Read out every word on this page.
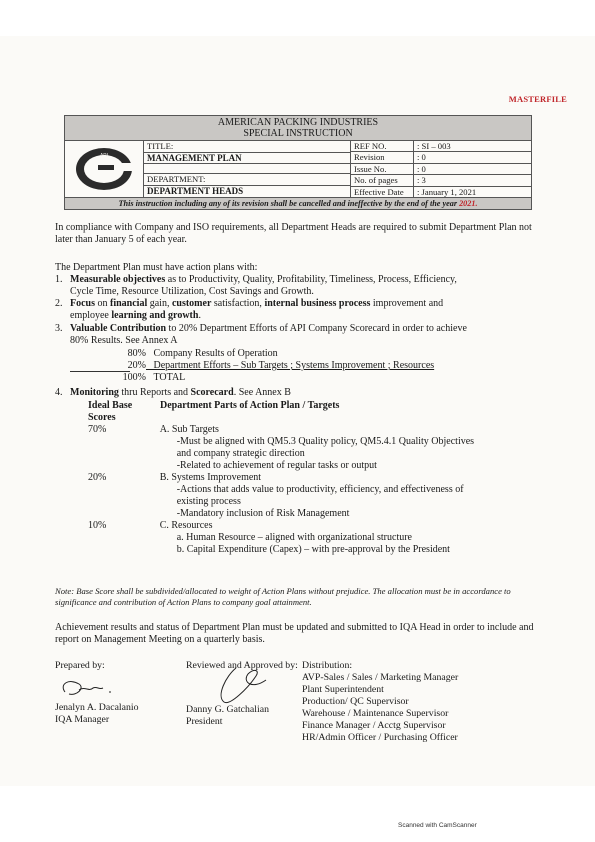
MASTERFILE
AMERICAN PACKING INDUSTRIES
SPECIAL INSTRUCTION
API
TITLE:
MANAGEMENT PLAN
DEPARTMENT:
DEPARTMENT HEADS
REF NO.	: SI – 003
Revision	: 0
Issue No.	: 0
No. of pages	: 3
Effective Date	: January 1, 2021
This instruction including any of its revision shall be cancelled and ineffective by the end of the year 2021.
In compliance with Company and ISO requirements, all Department Heads are required to submit Department Plan not later than January 5 of each year.
The Department Plan must have action plans with:
1. Measurable objectives as to Productivity, Quality, Profitability, Timeliness, Process, Efficiency,
Cycle Time, Resource Utilization, Cost Savings and Growth.
2. Focus on financial gain, customer satisfaction, internal business process improvement and
employee learning and growth.
3. Valuable Contribution to 20% Department Efforts of API Company Scorecard in order to achieve
80% Results. See Annex A
80% Company Results of Operation
20% Department Efforts – Sub Targets ; Systems Improvement ; Resources
100% TOTAL
4. Monitoring thru Reports and Scorecard. See Annex B
Ideal Base
Scores
Department Parts of Action Plan / Targets
70%	A. Sub Targets
-Must be aligned with QM5.3 Quality policy, QM5.4.1 Quality Objectives
and company strategic direction
-Related to achievement of regular tasks or output
20%	B. Systems Improvement
-Actions that adds value to productivity, efficiency, and effectiveness of
existing process
-Mandatory inclusion of Risk Management
10%	C. Resources
a. Human Resource – aligned with organizational structure
b. Capital Expenditure (Capex) – with pre-approval by the President
Note: Base Score shall be subdivided/allocated to weight of Action Plans without prejudice. The allocation must be in accordance to significance and contribution of Action Plans to company goal attainment.
Achievement results and status of Department Plan must be updated and submitted to IQA Head in order to include and report on Management Meeting on a quarterly basis.
Prepared by:
Jenalyn A. Dacalanio
IQA Manager
Reviewed and Approved by:
Danny G. Gatchalian
President
Distribution:
AVP-Sales / Sales / Marketing Manager
Plant Superintendent
Production/ QC Supervisor
Warehouse / Maintenance Supervisor
Finance Manager / Acctg Supervisor
HR/Admin Officer / Purchasing Officer
Scanned with CamScanner
